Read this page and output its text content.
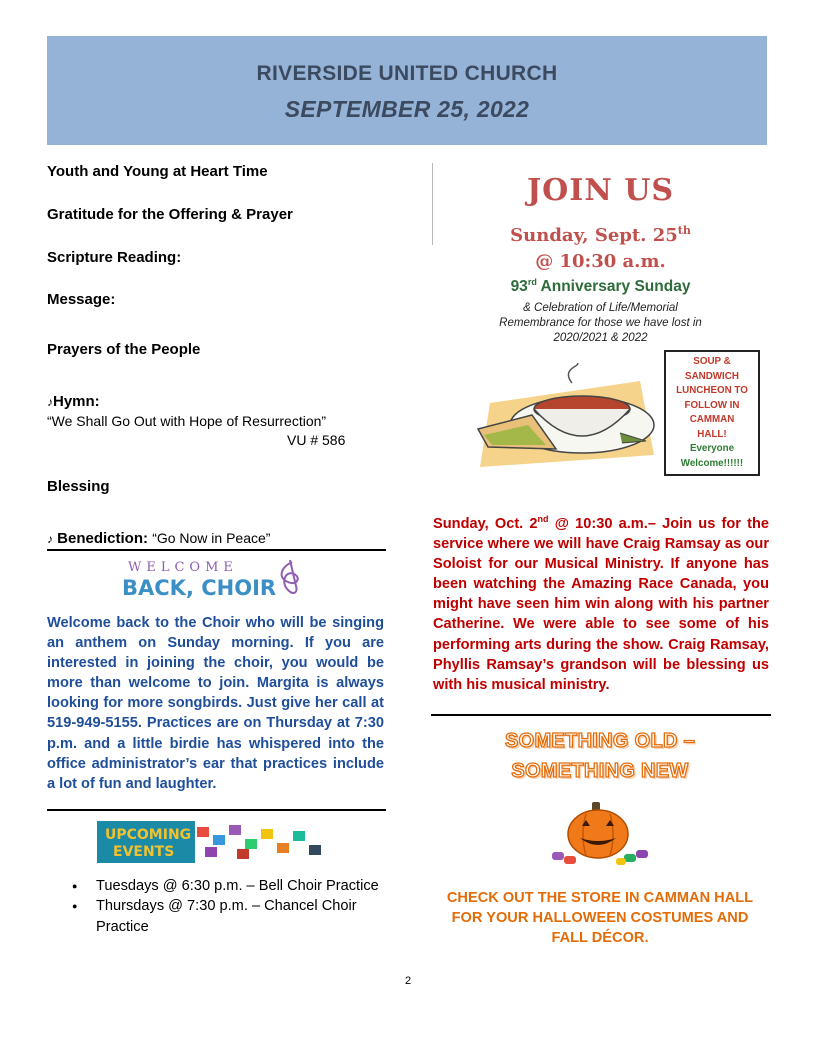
RIVERSIDE UNITED CHURCH
SEPTEMBER 25, 2022
Youth and Young at Heart Time
Gratitude for the Offering & Prayer
Scripture Reading:
Message:
Prayers of the People
♪Hymn:
“We Shall Go Out with Hope of Resurrection”
VU # 586
Blessing
♪ Benediction: “Go Now in Peace”
WELCOME
BACK, CHOIR
Welcome back to the Choir who will be singing an anthem on Sunday morning. If you are interested in joining the choir, you would be more than welcome to join. Margita is always looking for more songbirds. Just give her call at 519-949-5155. Practices are on Thursday at 7:30 p.m. and a little birdie has whispered into the office administrator’s ear that practices include a lot of fun and laughter.
UPCOMING
EVENTS
● Tuesdays @ 6:30 p.m. – Bell Choir Practice
● Thursdays @ 7:30 p.m. – Chancel Choir Practice
JOIN US
Sunday, Sept. 25th
@ 10:30 a.m.
93rd Anniversary Sunday
& Celebration of Life/Memorial
Remembrance for those we have lost in
2020/2021 & 2022
SOUP &
SANDWICH
LUNCHEON TO
FOLLOW IN
CAMMAN
HALL!
Everyone
Welcome!!!!!!
Sunday, Oct. 2nd @ 10:30 a.m.– Join us for the service where we will have Craig Ramsay as our Soloist for our Musical Ministry. If anyone has been watching the Amazing Race Canada, you might have seen him win along with his partner Catherine. We were able to see some of his performing arts during the show. Craig Ramsay, Phyllis Ramsay’s grandson will be blessing us with his musical ministry.
SOMETHING OLD –
SOMETHING NEW
CHECK OUT THE STORE IN CAMMAN HALL FOR YOUR HALLOWEEN COSTUMES AND FALL DÉCOR.
2
